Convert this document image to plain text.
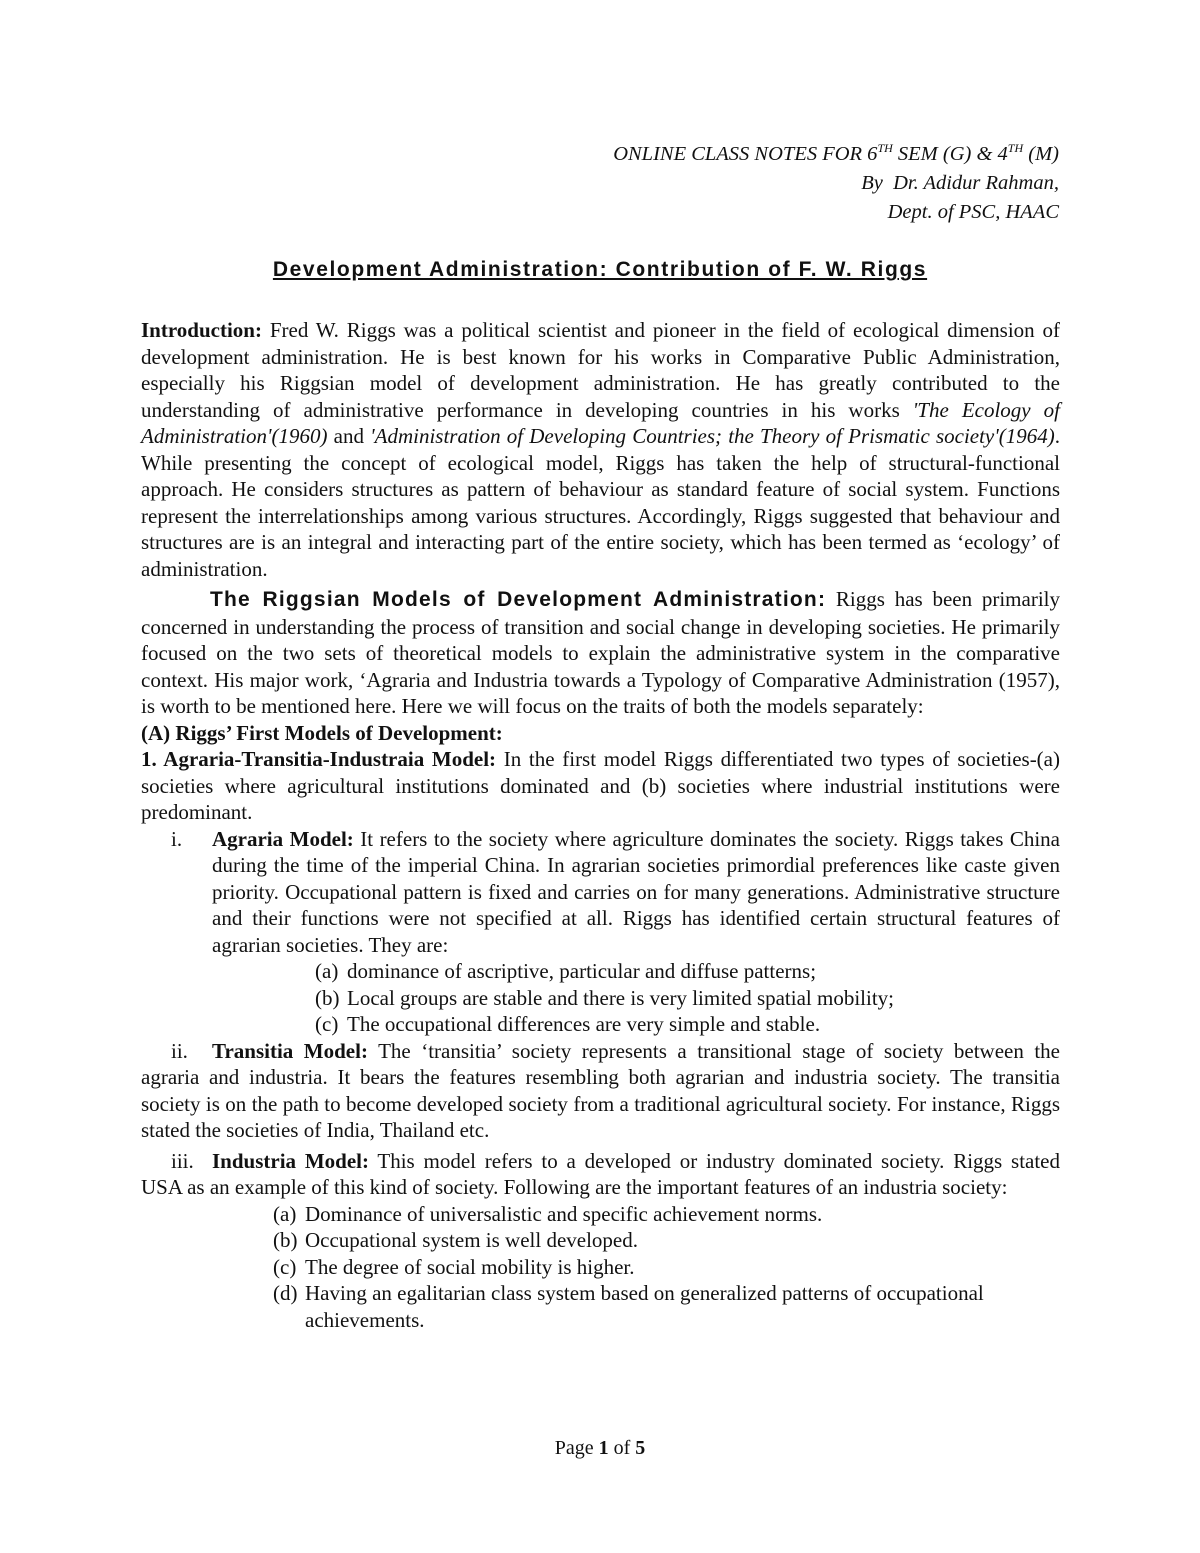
ONLINE CLASS NOTES FOR 6TH SEM (G) & 4TH (M)
By  Dr. Adidur Rahman,
Dept. of PSC, HAAC
Development Administration: Contribution of F. W. Riggs

Introduction: Fred W. Riggs was a political scientist and pioneer in the field of ecological dimension of development administration. He is best known for his works in Comparative Public Administration, especially his Riggsian model of development administration. He has greatly contributed to the understanding of administrative performance in developing countries in his works 'The Ecology of Administration'(1960) and 'Administration of Developing Countries; the Theory of Prismatic society'(1964). While presenting the concept of ecological model, Riggs has taken the help of structural-functional approach. He considers structures as pattern of behaviour as standard feature of social system. Functions represent the interrelationships among various structures. Accordingly, Riggs suggested that behaviour and structures are is an integral and interacting part of the entire society, which has been termed as ‘ecology’ of administration.

The Riggsian Models of Development Administration: Riggs has been primarily concerned in understanding the process of transition and social change in developing societies. He primarily focused on the two sets of theoretical models to explain the administrative system in the comparative context. His major work, ‘Agraria and Industria towards a Typology of Comparative Administration (1957), is worth to be mentioned here. Here we will focus on the traits of both the models separately:

(A) Riggs’ First Models of Development:

1. Agraria-Transitia-Industraia Model: In the first model Riggs differentiated two types of societies-(a) societies where agricultural institutions dominated and (b) societies where industrial institutions were predominant.

i.	Agraria Model: It refers to the society where agriculture dominates the society. Riggs takes China during the time of the imperial China. In agrarian societies primordial preferences like caste given priority. Occupational pattern is fixed and carries on for many generations. Administrative structure and their functions were not specified at all. Riggs has identified certain structural features of agrarian societies. They are:
(a) dominance of ascriptive, particular and diffuse patterns;
(b) Local groups are stable and there is very limited spatial mobility;
(c) The occupational differences are very simple and stable.

ii. Transitia Model: The ‘transitia’ society represents a transitional stage of society between the agraria and industria. It bears the features resembling both agrarian and industria society. The transitia society is on the path to become developed society from a traditional agricultural society. For instance, Riggs stated the societies of India, Thailand etc.

iii. Industria Model: This model refers to a developed or industry dominated society. Riggs stated USA as an example of this kind of society. Following are the important features of an industria society:

(a) Dominance of universalistic and specific achievement norms.
(b) Occupational system is well developed.
(c) The degree of social mobility is higher.
(d) Having an egalitarian class system based on generalized patterns of occupational achievements.
Page 1 of 5
